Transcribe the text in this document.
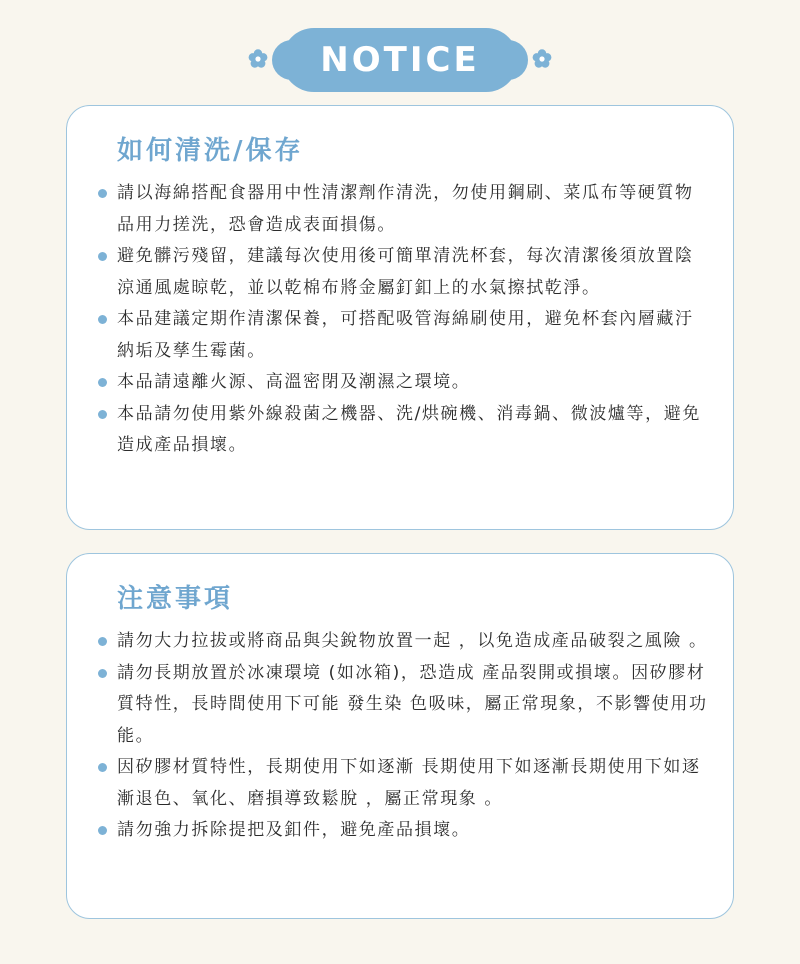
NOTICE
如何清洗/保存
請以海綿搭配食器用中性清潔劑作清洗，勿使用鋼刷、菜瓜布等硬質物品用力搓洗，恐會造成表面損傷。
避免髒污殘留，建議每次使用後可簡單清洗杯套，每次清潔後須放置陰涼通風處晾乾，並以乾棉布將金屬釘釦上的水氣擦拭乾淨。
本品建議定期作清潔保養，可搭配吸管海綿刷使用，避免杯套內層藏汙納垢及孳生霉菌。
本品請遠離火源、高溫密閉及潮濕之環境。
本品請勿使用紫外線殺菌之機器、洗/烘碗機、消毒鍋、微波爐等，避免造成產品損壞。
注意事項
請勿大力拉拔或將商品與尖銳物放置一起 ，以免造成產品破裂之風險 。
請勿長期放置於冰凍環境 (如冰箱)，恐造成 產品裂開或損壞。因矽膠材質特性，長時間使用下可能 發生染 色吸味，屬正常現象，不影響使用功能。
因矽膠材質特性，長期使用下如逐漸 長期使用下如逐漸長期使用下如逐漸退色、氧化、磨損導致鬆脫 ，屬正常現象 。
請勿強力拆除提把及釦件，避免產品損壞。
